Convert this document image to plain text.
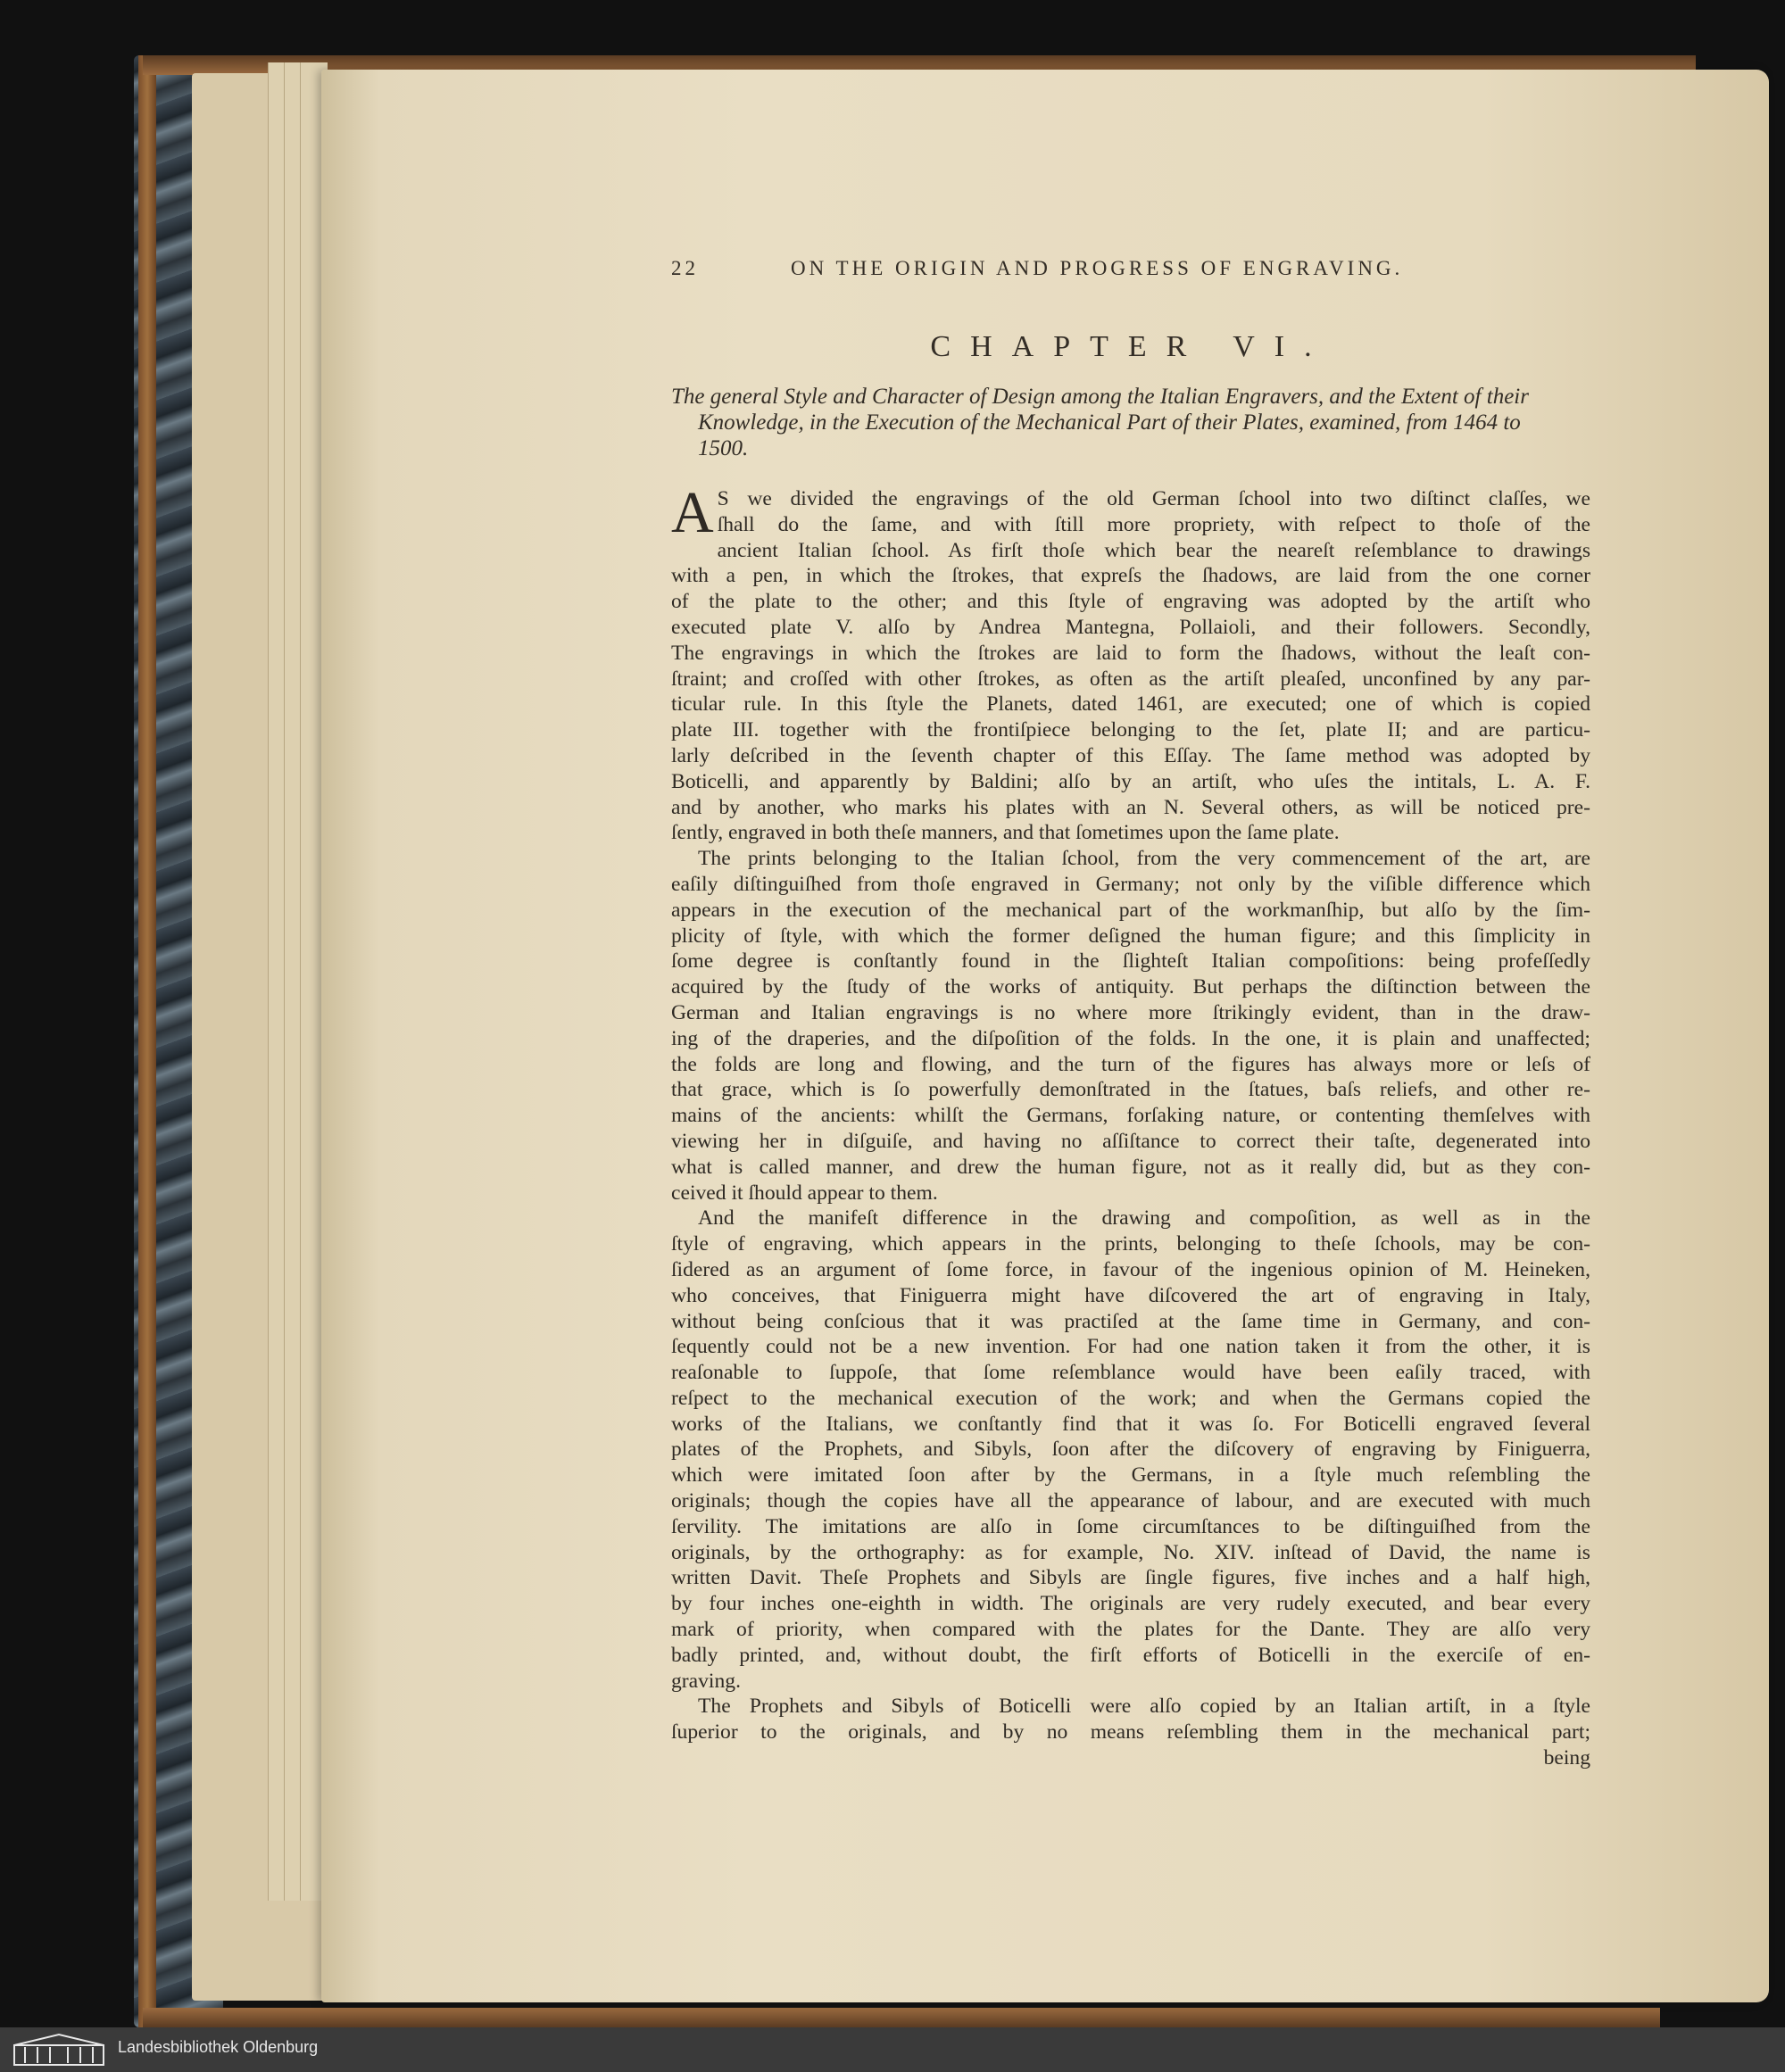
22	ON THE ORIGIN AND PROGRESS OF ENGRAVING.
CHAPTER VI.
The general Style and Character of Design among the Italian Engravers, and the Extent of their
Knowledge, in the Execution of the Mechanical Part of their Plates, examined, from 1464 to
1500.
A S we divided the engravings of the old German ſchool into two diſtinct claſſes, we
ſhall do the ſame, and with ſtill more propriety, with reſpect to thoſe of the
ancient Italian ſchool. As firſt thoſe which bear the neareſt reſemblance to drawings
with a pen, in which the ſtrokes, that expreſs the ſhadows, are laid from the one corner
of the plate to the other; and this ſtyle of engraving was adopted by the artiſt who
executed plate V. alſo by Andrea Mantegna, Pollaioli, and their followers. Secondly,
The engravings in which the ſtrokes are laid to form the ſhadows, without the leaſt con-
ſtraint; and croſſed with other ſtrokes, as often as the artiſt pleaſed, unconfined by any par-
ticular rule. In this ſtyle the Planets, dated 1461, are executed; one of which is copied
plate III. together with the frontiſpiece belonging to the ſet, plate II; and are particu-
larly deſcribed in the ſeventh chapter of this Eſſay. The ſame method was adopted by
Boticelli, and apparently by Baldini; alſo by an artiſt, who uſes the intitals, L. A. F.
and by another, who marks his plates with an N. Several others, as will be noticed pre-
ſently, engraved in both theſe manners, and that ſometimes upon the ſame plate.
The prints belonging to the Italian ſchool, from the very commencement of the art, are
eaſily diſtinguiſhed from thoſe engraved in Germany; not only by the viſible difference which
appears in the execution of the mechanical part of the workmanſhip, but alſo by the ſim-
plicity of ſtyle, with which the former deſigned the human figure; and this ſimplicity in
ſome degree is conſtantly found in the ſlighteſt Italian compoſitions: being profeſſedly
acquired by the ſtudy of the works of antiquity. But perhaps the diſtinction between the
German and Italian engravings is no where more ſtrikingly evident, than in the draw-
ing of the draperies, and the diſpoſition of the folds. In the one, it is plain and unaffected;
the folds are long and flowing, and the turn of the figures has always more or leſs of
that grace, which is ſo powerfully demonſtrated in the ſtatues, baſs reliefs, and other re-
mains of the ancients: whilſt the Germans, forſaking nature, or contenting themſelves with
viewing her in diſguiſe, and having no aſſiſtance to correct their taſte, degenerated into
what is called manner, and drew the human figure, not as it really did, but as they con-
ceived it ſhould appear to them.
And the manifeſt difference in the drawing and compoſition, as well as in the
ſtyle of engraving, which appears in the prints, belonging to theſe ſchools, may be con-
ſidered as an argument of ſome force, in favour of the ingenious opinion of M. Heineken,
who conceives, that Finiguerra might have diſcovered the art of engraving in Italy,
without being conſcious that it was practiſed at the ſame time in Germany, and con-
ſequently could not be a new invention. For had one nation taken it from the other, it is
reaſonable to ſuppoſe, that ſome reſemblance would have been eaſily traced, with
reſpect to the mechanical execution of the work; and when the Germans copied the
works of the Italians, we conſtantly find that it was ſo. For Boticelli engraved ſeveral
plates of the Prophets, and Sibyls, ſoon after the diſcovery of engraving by Finiguerra,
which were imitated ſoon after by the Germans, in a ſtyle much reſembling the
originals; though the copies have all the appearance of labour, and are executed with much
ſervility. The imitations are alſo in ſome circumſtances to be diſtinguiſhed from the
originals, by the orthography: as for example, No. XIV. inſtead of David, the name is
written Davit. Theſe Prophets and Sibyls are ſingle figures, five inches and a half high,
by four inches one-eighth in width. The originals are very rudely executed, and bear every
mark of priority, when compared with the plates for the Dante. They are alſo very
badly printed, and, without doubt, the firſt efforts of Boticelli in the exerciſe of en-
graving.
The Prophets and Sibyls of Boticelli were alſo copied by an Italian artiſt, in a ſtyle
ſuperior to the originals, and by no means reſembling them in the mechanical part;
being
Landesbibliothek Oldenburg
